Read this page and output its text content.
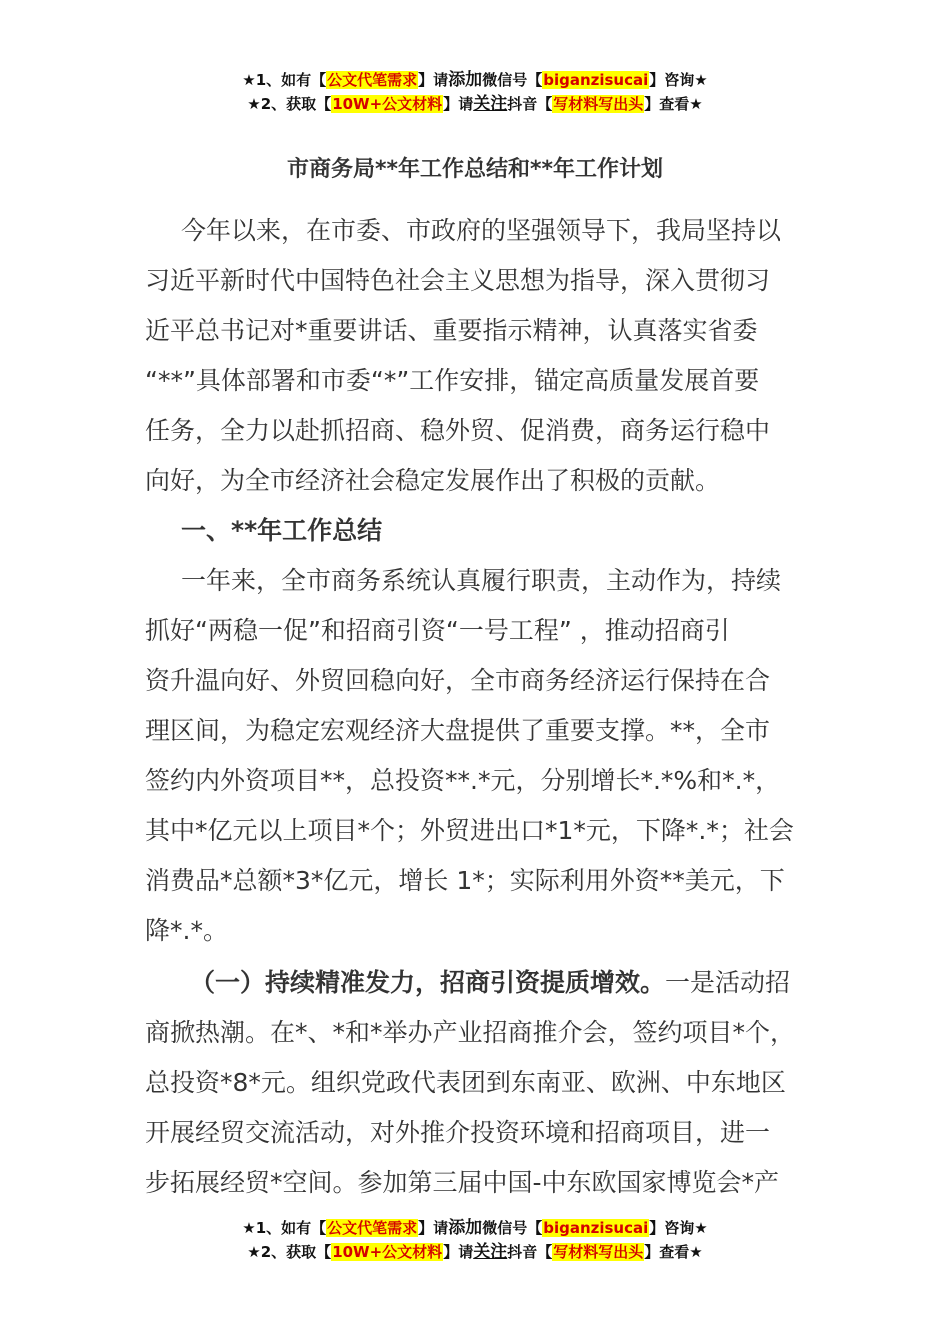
★1、如有【公文代笔需求】请添加微信号【biganzisucai】咨询★
★2、获取【10W+公文材料】请关注抖音【写材料写出头】查看★
市商务局**年工作总结和**年工作计划
今年以来，在市委、市政府的坚强领导下，我局坚持以
习近平新时代中国特色社会主义思想为指导，深入贯彻习
近平总书记对*重要讲话、重要指示精神，认真落实省委
“**”具体部署和市委“*”工作安排，锚定高质量发展首要
任务，全力以赴抓招商、稳外贸、促消费，商务运行稳中
向好，为全市经济社会稳定发展作出了积极的贡献。
一、**年工作总结
一年来，全市商务系统认真履行职责，主动作为，持续
抓好“两稳一促”和招商引资“一号工程” ，推动招商引
资升温向好、外贸回稳向好，全市商务经济运行保持在合
理区间，为稳定宏观经济大盘提供了重要支撑。**，全市
签约内外资项目**，总投资**.*元，分别增长*.*%和*.*，
其中*亿元以上项目*个；外贸进出口*1*元，下降*.*；社会
消费品*总额*3*亿元，增长 1*；实际利用外资**美元，下
降*.*。
（一）持续精准发力，招商引资提质增效。一是活动招
商掀热潮。在*、*和*举办产业招商推介会，签约项目*个，
总投资*8*元。组织党政代表团到东南亚、欧洲、中东地区
开展经贸交流活动，对外推介投资环境和招商项目，进一
步拓展经贸*空间。参加第三届中国-中东欧国家博览会*产
★1、如有【公文代笔需求】请添加微信号【biganzisucai】咨询★
★2、获取【10W+公文材料】请关注抖音【写材料写出头】查看★
